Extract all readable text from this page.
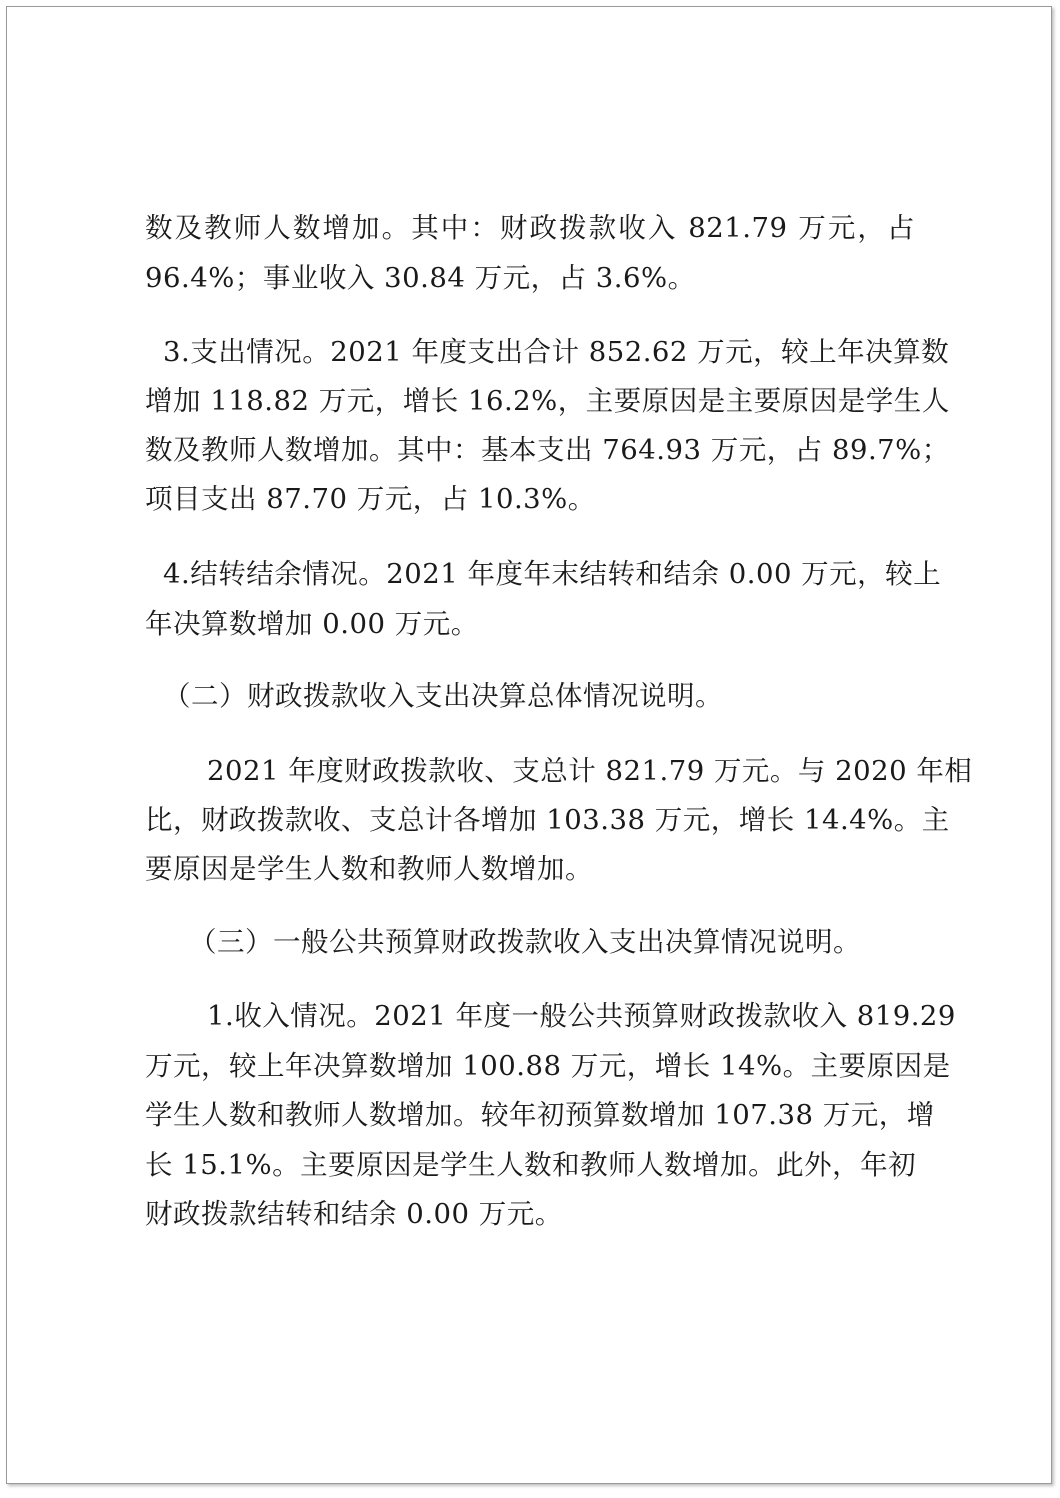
数及教师人数增加。其中：财政拨款收入 821.79 万元，占
96.4%；事业收入 30.84 万元，占 3.6%。
3.支出情况。2021 年度支出合计 852.62 万元，较上年决算数
增加 118.82 万元，增长 16.2%，主要原因是主要原因是学生人
数及教师人数增加。其中：基本支出 764.93 万元，占 89.7%；
项目支出 87.70 万元，占 10.3%。
4.结转结余情况。2021 年度年末结转和结余 0.00 万元，较上
年决算数增加 0.00 万元。
（二）财政拨款收入支出决算总体情况说明。
2021 年度财政拨款收、支总计 821.79 万元。与 2020 年相
比，财政拨款收、支总计各增加 103.38 万元，增长 14.4%。主
要原因是学生人数和教师人数增加。
（三）一般公共预算财政拨款收入支出决算情况说明。
1.收入情况。2021 年度一般公共预算财政拨款收入 819.29
万元，较上年决算数增加 100.88 万元，增长 14%。主要原因是
学生人数和教师人数增加。较年初预算数增加 107.38 万元，增
长 15.1%。主要原因是学生人数和教师人数增加。此外，年初
财政拨款结转和结余 0.00 万元。
